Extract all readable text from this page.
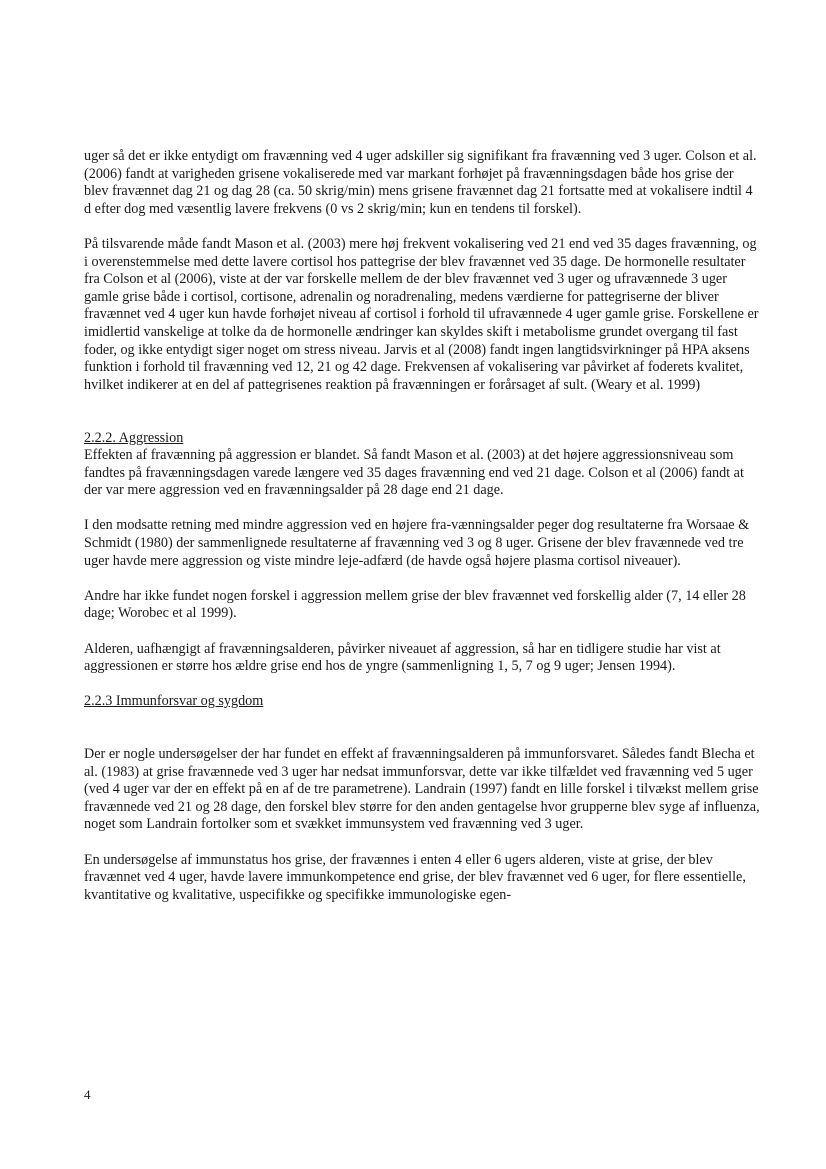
uger så det er ikke entydigt om fravænning ved 4 uger adskiller sig signifikant fra fravænning ved 3 uger. Colson et al. (2006) fandt at varigheden grisene vokaliserede med var markant forhøjet på fravænningsdagen både hos grise der blev fravænnet dag 21 og dag 28 (ca. 50 skrig/min) mens grisene fravænnet dag 21 fortsatte med at vokalisere indtil 4 d efter dog med væsentlig lavere frekvens (0 vs 2 skrig/min; kun en tendens til forskel).

På tilsvarende måde fandt Mason et al. (2003) mere høj frekvent vokalisering ved 21 end ved 35 dages fravænning, og i overenstemmelse med dette lavere cortisol hos pattegrise der blev fravænnet ved 35 dage. De hormonelle resultater fra Colson et al (2006), viste at der var forskelle mellem de der blev fravænnet ved 3 uger og ufravænnede 3 uger gamle grise både i cortisol, cortisone, adrenalin og noradrenaling, medens værdierne for pattegriserne der bliver fravænnet ved 4 uger kun havde forhøjet niveau af cortisol i forhold til ufravænnede 4 uger gamle grise. Forskellene er imidlertid vanskelige at tolke da de hormonelle ændringer kan skyldes skift i metabolisme grundet overgang til fast foder, og ikke entydigt siger noget om stress niveau. Jarvis et al (2008) fandt ingen langtidsvirkninger på HPA aksens funktion i forhold til fravænning ved 12, 21 og 42 dage. Frekvensen af vokalisering var påvirket af foderets kvalitet, hvilket indikerer at en del af pattegrisenes reaktion på fravænningen er forårsaget af sult. (Weary et al. 1999)

2.2.2. Aggression

Effekten af fravænning på aggression er blandet. Så fandt Mason et al. (2003) at det højere aggressionsniveau som fandtes på fravænningsdagen varede længere ved 35 dages fravænning end ved 21 dage. Colson et al (2006) fandt at der var mere aggression ved en fravænningsalder på 28 dage end 21 dage.

I den modsatte retning med mindre aggression ved en højere fra-vænningsalder peger dog resultaterne fra Worsaae & Schmidt (1980) der sammenlignede resultaterne af fravænning ved 3 og 8 uger. Grisene der blev fravænnede ved tre uger havde mere aggression og viste mindre leje-adfærd (de havde også højere plasma cortisol niveauer).

Andre har ikke fundet nogen forskel i aggression mellem grise der blev fravænnet ved forskellig alder (7, 14 eller 28 dage; Worobec et al 1999).

Alderen, uafhængigt af fravænningsalderen, påvirker niveauet af aggression, så har en tidligere studie har vist at aggressionen er større hos ældre grise end hos de yngre (sammenligning 1, 5, 7 og 9 uger; Jensen 1994).

2.2.3 Immunforsvar og sygdom

Der er nogle undersøgelser der har fundet en effekt af fravænningsalderen på immunforsvaret. Således fandt Blecha et al. (1983) at grise fravænnede ved 3 uger har nedsat immunforsvar, dette var ikke tilfældet ved fravænning ved 5 uger (ved 4 uger var der en effekt på en af de tre parametrene). Landrain (1997) fandt en lille forskel i tilvækst mellem grise fravænnede ved 21 og 28 dage, den forskel blev større for den anden gentagelse hvor grupperne blev syge af influenza, noget som Landrain fortolker som et svækket immunsystem ved fravænning ved 3 uger.

En undersøgelse af immunstatus hos grise, der fravænnes i enten 4 eller 6 ugers alderen, viste at grise, der blev fravænnet ved 4 uger, havde lavere immunkompetence end grise, der blev fravænnet ved 6 uger, for flere essentielle, kvantitative og kvalitative, uspecifikke og specifikke immunologiske egen-

4
